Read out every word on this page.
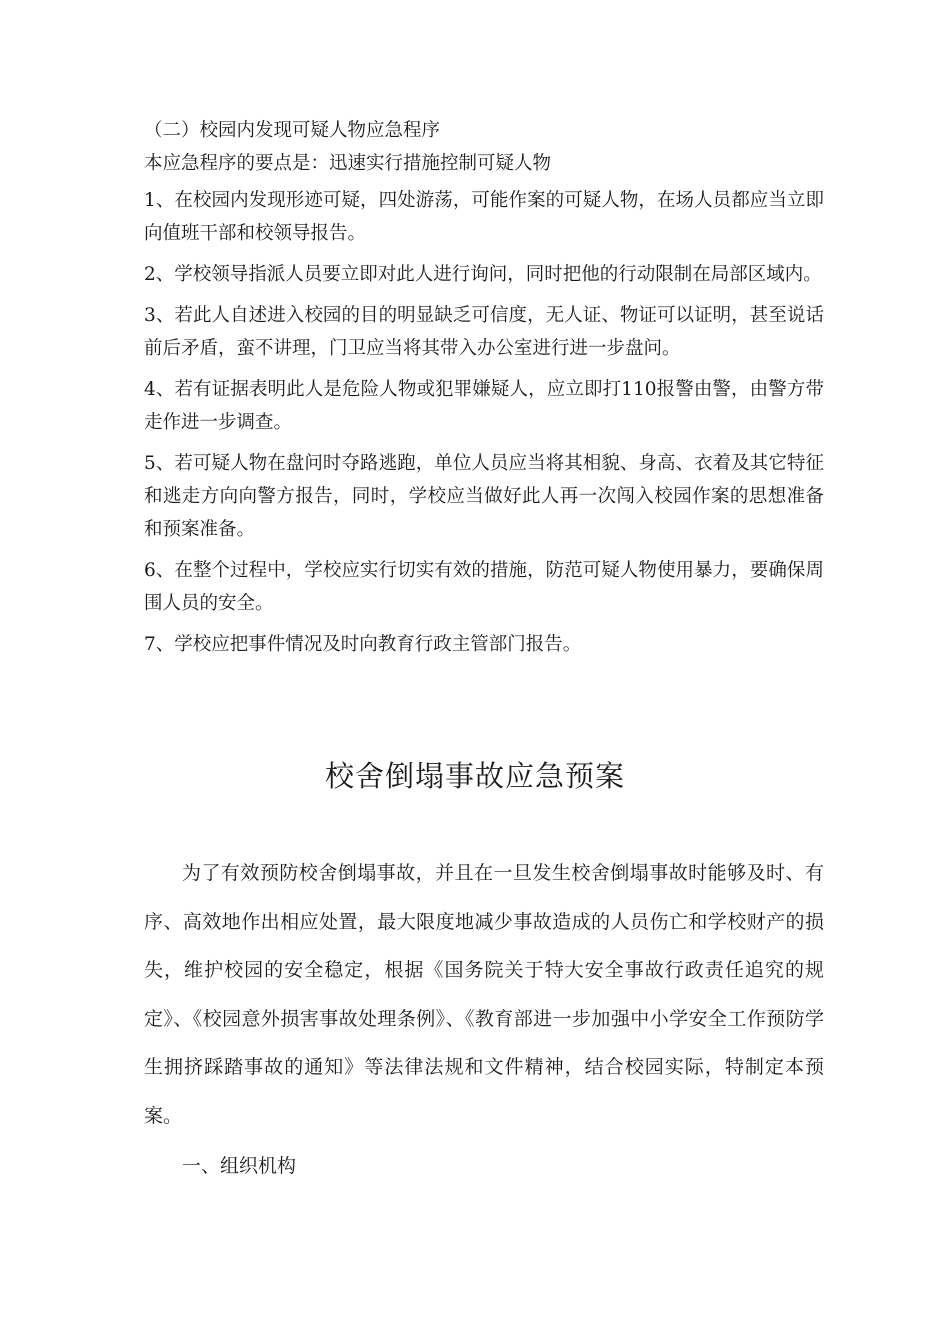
（二）校园内发现可疑人物应急程序

本应急程序的要点是：迅速实行措施控制可疑人物

1、在校园内发现形迹可疑，四处游荡，可能作案的可疑人物，在场人员都应当立即向值班干部和校领导报告。

2、学校领导指派人员要立即对此人进行询问，同时把他的行动限制在局部区域内。

3、若此人自述进入校园的目的明显缺乏可信度，无人证、物证可以证明，甚至说话前后矛盾，蛮不讲理，门卫应当将其带入办公室进行进一步盘问。

4、若有证据表明此人是危险人物或犯罪嫌疑人，应立即打110报警由警，由警方带走作进一步调查。

5、若可疑人物在盘问时夺路逃跑，单位人员应当将其相貌、身高、衣着及其它特征和逃走方向向警方报告，同时，学校应当做好此人再一次闯入校园作案的思想准备和预案准备。

6、在整个过程中，学校应实行切实有效的措施，防范可疑人物使用暴力，要确保周围人员的安全。

7、学校应把事件情况及时向教育行政主管部门报告。

校舍倒塌事故应急预案

为了有效预防校舍倒塌事故，并且在一旦发生校舍倒塌事故时能够及时、有序、高效地作出相应处置，最大限度地减少事故造成的人员伤亡和学校财产的损失，维护校园的安全稳定，根据《国务院关于特大安全事故行政责任追究的规定》、《校园意外损害事故处理条例》、《教育部进一步加强中小学安全工作预防学生拥挤踩踏事故的通知》等法律法规和文件精神，结合校园实际，特制定本预案。

一、组织机构
